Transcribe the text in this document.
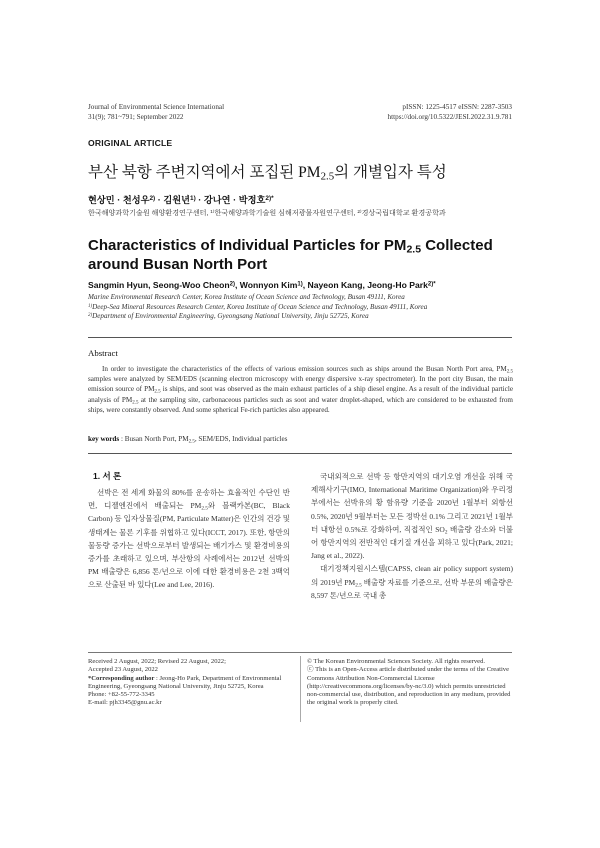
Journal of Environmental Science International
31(9); 781~791; September 2022
pISSN: 1225-4517 eISSN: 2287-3503
https://doi.org/10.5322/JESI.2022.31.9.781
ORIGINAL ARTICLE
부산 북항 주변지역에서 포집된 $PM_{2.5}$의 개별입자 특성
현상민 · 천성우$^{2)}$ · 김원년$^{1)}$ · 강나연 · 박정호$^{2)*}$
한국해양과학기술원 해양환경연구센터, ¹⁾한국해양과학기술원 심해저광물자원연구센터, ²⁾경상국립대학교 환경공학과
Characteristics of Individual Particles for $PM_{2.5}$ Collected around Busan North Port
Sangmin Hyun, Seong-Woo Cheon$^{2)}$, Wonnyon Kim$^{1)}$, Nayeon Kang, Jeong-Ho Park$^{2)*}$
Marine Environmental Research Center, Korea Institute of Ocean Science and Technology, Busan 49111, Korea
$^{1)}$Deep-Sea Mineral Resources Research Center, Korea Institute of Ocean Science and Technology, Busan 49111, Korea
$^{2)}$Department of Environmental Engineering, Gyeongsang National University, Jinju 52725, Korea
Abstract
In order to investigate the characteristics of the effects of various emission sources such as ships around the Busan North Port area, $PM_{2.5}$ samples were analyzed by SEM/EDS (scanning electron microscopy with energy dispersive x-ray spectrometer). In the port city Busan, the main emission source of $PM_{2.5}$ is ships, and soot was observed as the main exhaust particles of a ship diesel engine. As a result of the individual particle analysis of $PM_{2.5}$ at the sampling site, carbonaceous particles such as soot and water droplet-shaped, which are considered to be exhausted from ships, were constantly observed. And some spherical Fe-rich particles also appeared.
key words : Busan North Port, $PM_{2.5}$, SEM/EDS, Individual particles
1. 서 론

선박은 전 세계 화물의 80%를 운송하는 효율적인 수단인 반면, 디젤엔진에서 배출되는 $PM_{2.5}$와 블랙카본(BC, Black Carbon) 등 입자상물질(PM, Particulate Matter)은 인간의 건강 및 생태계는 물론 기후를 위협하고 있다(ICCT, 2017). 또한, 항만의 물동량 증가는 선박으로부터 발생되는 배기가스 및 환경비용의 증가를 초래하고 있으며, 부산항의 사례에서는 2012년 선박의 PM 배출량은 6,856 톤/년으로 이에 대한 환경비용은 2천 3백억으로 산출된 바 있다(Lee and Lee, 2016).

국내외적으로 선박 등 항만지역의 대기오염 개선을 위해 국제해사기구(IMO, International Maritime Organization)와 우리정부에서는 선박유의 황 함유량 기준을 2020년 1월부터 외항선 0.5%, 2020년 9월부터는 모든 정박선 0.1% 그리고 2021년 1월부터 내항선 0.5%로 강화하여, 직접적인 $SO_2$ 배출량 감소와 더불어 항만지역의 전반적인 대기질 개선을 꾀하고 있다(Park, 2021; Jang et al., 2022).

대기정책지원시스템(CAPSS, clean air policy support system)의 2019년 $PM_{2.5}$ 배출량 자료를 기준으로, 선박 부문의 배출량은 8,597 톤/년으로 국내 총

Received 2 August, 2022; Revised 22 August, 2022;
Accepted 23 August, 2022
*Corresponding author : Jeong-Ho Park, Department of Environmental Engineering, Gyeongsang National University, Jinju 52725, Korea
Phone: +82-55-772-3345
E-mail: pjh3345@gnu.ac.kr
© The Korean Environmental Sciences Society. All rights reserved.
ⓒ This is an Open-Access article distributed under the terms of the Creative Commons Attribution Non-Commercial License (http://creativecommons.org/licenses/by-nc/3.0) which permits unrestricted non-commercial use, distribution, and reproduction in any medium, provided the original work is properly cited.
